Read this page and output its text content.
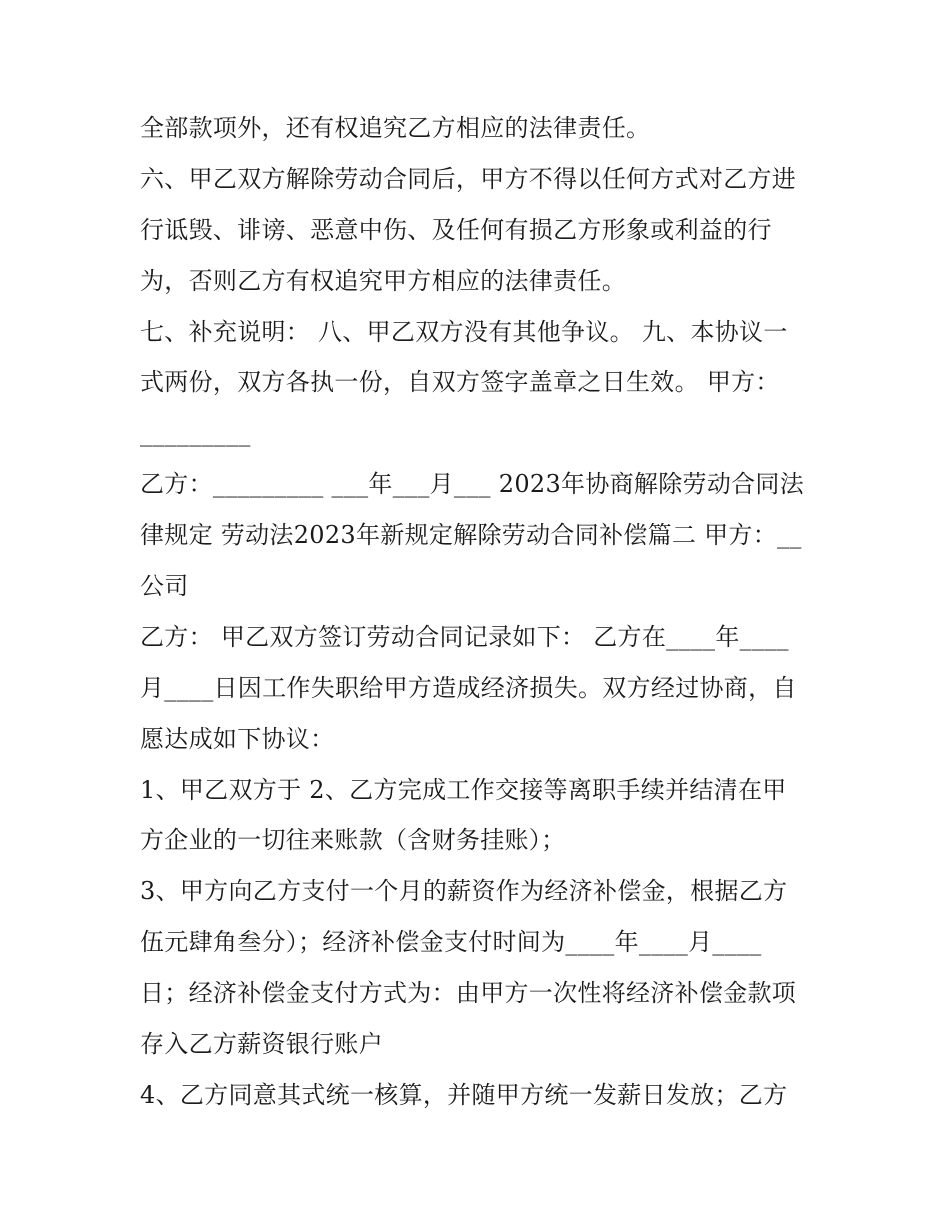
全部款项外，还有权追究乙方相应的法律责任。
六、甲乙双方解除劳动合同后，甲方不得以任何方式对乙方进
行诋毁、诽谤、恶意中伤、及任何有损乙方形象或利益的行
为，否则乙方有权追究甲方相应的法律责任。
七、补充说明： 八、甲乙双方没有其他争议。 九、本协议一
式两份，双方各执一份，自双方签字盖章之日生效。 甲方：
_________
乙方：_________ ___年___月___ 2023年协商解除劳动合同法
律规定 劳动法2023年新规定解除劳动合同补偿篇二 甲方：__
公司
乙方： 甲乙双方签订劳动合同记录如下： 乙方在____年____
月____日因工作失职给甲方造成经济损失。双方经过协商，自
愿达成如下协议：
1、甲乙双方于 2、乙方完成工作交接等离职手续并结清在甲
方企业的一切往来账款（含财务挂账）；
3、甲方向乙方支付一个月的薪资作为经济补偿金，根据乙方
伍元肆角叁分）；经济补偿金支付时间为____年____月____
日；经济补偿金支付方式为：由甲方一次性将经济补偿金款项
存入乙方薪资银行账户
4、乙方同意其式统一核算，并随甲方统一发薪日发放；乙方
